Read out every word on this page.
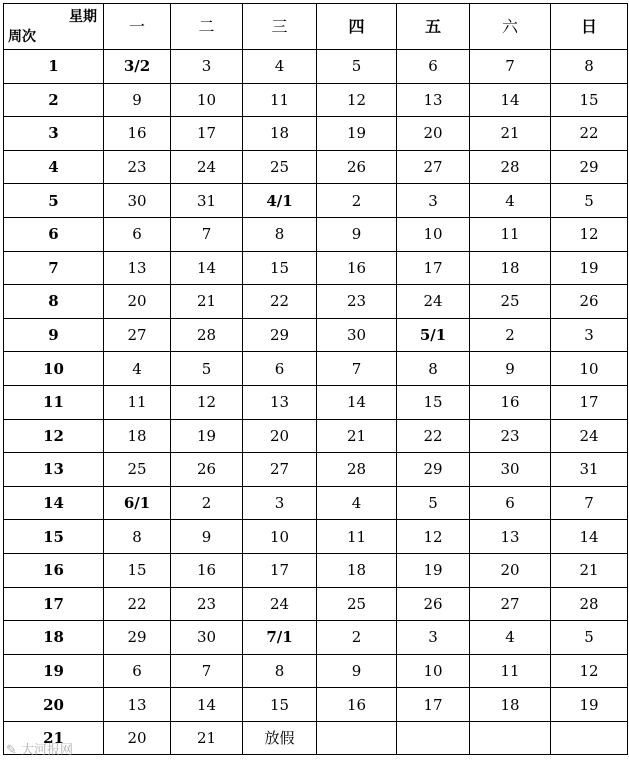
星期
周次	一	二	三	四	五	六	日
1	3/2	3	4	5	6	7	8
2	9	10	11	12	13	14	15
3	16	17	18	19	20	21	22
4	23	24	25	26	27	28	29
5	30	31	4/1	2	3	4	5
6	6	7	8	9	10	11	12
7	13	14	15	16	17	18	19
8	20	21	22	23	24	25	26
9	27	28	29	30	5/1	2	3
10	4	5	6	7	8	9	10
11	11	12	13	14	15	16	17
12	18	19	20	21	22	23	24
13	25	26	27	28	29	30	31
14	6/1	2	3	4	5	6	7
15	8	9	10	11	12	13	14
16	15	16	17	18	19	20	21
17	22	23	24	25	26	27	28
18	29	30	7/1	2	3	4	5
19	6	7	8	9	10	11	12
20	13	14	15	16	17	18	19
21	20	21	放假				
✎ 大河报网
